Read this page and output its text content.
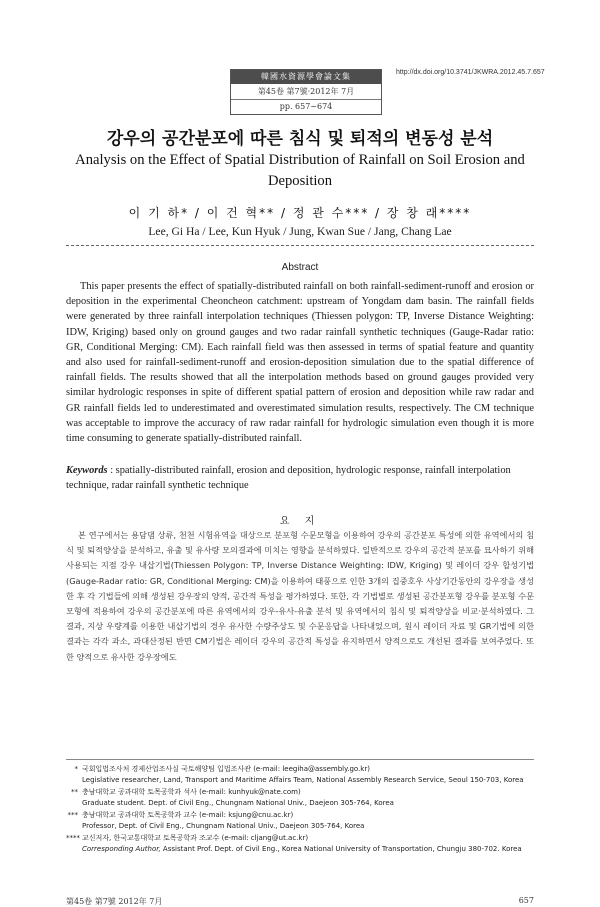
韓國水資源學會論文集
第45卷 第7號·2012年 7月
pp. 657~674
http://dx.doi.org/10.3741/JKWRA.2012.45.7.657
강우의 공간분포에 따른 침식 및 퇴적의 변동성 분석
Analysis on the Effect of Spatial Distribution of Rainfall on Soil Erosion and Deposition
이 기 하* / 이 건 혁** / 정 관 수*** / 장 창 래****
Lee, Gi Ha / Lee, Kun Hyuk / Jung, Kwan Sue / Jang, Chang Lae
Abstract

This paper presents the effect of spatially-distributed rainfall on both rainfall-sediment-runoff and erosion or deposition in the experimental Cheoncheon catchment: upstream of Yongdam dam basin. The rainfall fields were generated by three rainfall interpolation techniques (Thiessen polygon: TP, Inverse Distance Weighting: IDW, Kriging) based only on ground gauges and two radar rainfall synthetic techniques (Gauge-Radar ratio: GR, Conditional Merging: CM). Each rainfall field was then assessed in terms of spatial feature and quantity and also used for rainfall-sediment-runoff and erosion-deposition simulation due to the spatial difference of rainfall fields. The results showed that all the interpolation methods based on ground gauges provided very similar hydrologic responses in spite of different spatial pattern of erosion and deposition while raw radar and GR rainfall fields led to underestimated and overestimated simulation results, respectively. The CM technique was acceptable to improve the accuracy of raw radar rainfall for hydrologic simulation even though it is more time consuming to generate spatially-distributed rainfall.

Keywords : spatially-distributed rainfall, erosion and deposition, hydrologic response, rainfall interpolation technique, radar rainfall synthetic technique

요 지

본 연구에서는 용담댐 상류, 천천 시험유역을 대상으로 분포형 수문모형을 이용하여 강우의 공간분포 특성에 의한 유역에서의 침식 및 퇴적양상을 분석하고, 유출 및 유사량 모의결과에 미치는 영향을 분석하였다. 일반적으로 강우의 공간적 분포를 묘사하기 위해 사용되는 지점 강우 내삽기법(Thiessen Polygon: TP, Inverse Distance Weighting: IDW, Kriging) 및 레이더 강우 합성기법(Gauge-Radar ratio: GR, Conditional Merging: CM)을 이용하여 태풍으로 인한 3개의 집중호우 사상기간동안의 강우장을 생성한 후 각 기법들에 의해 생성된 강우장의 양적, 공간적 특성을 평가하였다. 또한, 각 기법별로 생성된 공간분포형 강우를 분포형 수문모형에 적용하여 강우의 공간분포에 따른 유역에서의 강우-유사-유출 분석 및 유역에서의 침식 및 퇴적양상을 비교·분석하였다. 그 결과, 지상 우량계를 이용한 내삽기법의 경우 유사한 수량주상도 및 수문응답을 나타내었으며, 원시 레이더 자료 및 GR기법에 의한 결과는 각각 과소, 과대산정된 반면 CM기법은 레이더 강우의 공간적 특성을 유지하면서 양적으로도 개선된 결과를 보여주었다. 또한 양적으로 유사한 강우장에도

* 국회입법조사처 경제산업조사실 국토해양팀 입법조사관 (e-mail: leegiha@assembly.go.kr)
Legislative researcher, Land, Transport and Maritime Affairs Team, National Assembly Research Service, Seoul 150-703, Korea
** 충남대학교 공과대학 토목공학과 석사 (e-mail: kunhyuk@nate.com)
Graduate student. Dept. of Civil Eng., Chungnam National Univ., Daejeon 305-764, Korea
*** 충남대학교 공과대학 토목공학과 교수 (e-mail: ksjung@cnu.ac.kr)
Professor, Dept. of Civil Eng., Chungnam National Univ., Daejeon 305-764, Korea
**** 교신저자, 한국교통대학교 토목공학과 조교수 (e-mail: cljang@ut.ac.kr)
Corresponding Author, Assistant Prof. Dept. of Civil Eng., Korea National University of Transportation, Chungju 380-702. Korea
第45卷 第7號 2012年 7月	657
